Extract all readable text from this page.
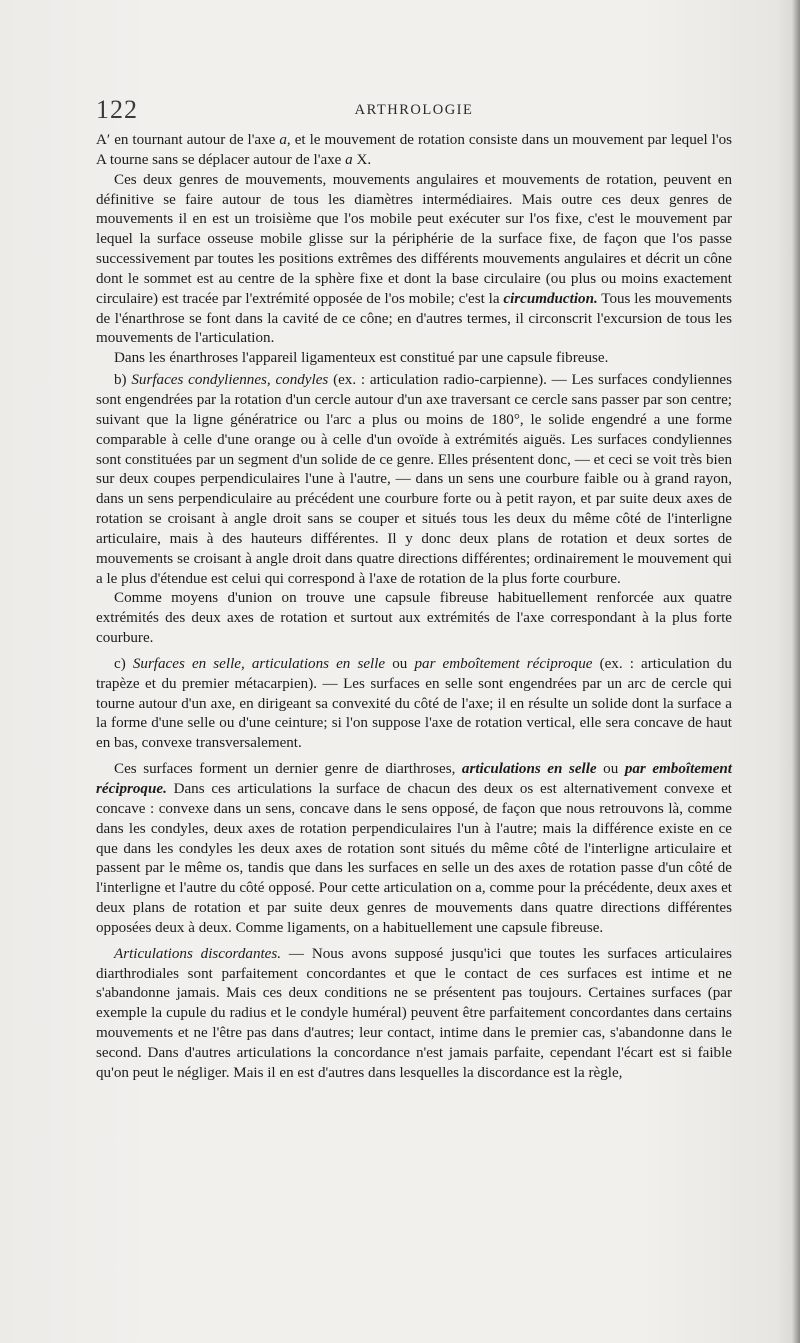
122	ARTHROLOGIE

A′ en tournant autour de l'axe a, et le mouvement de rotation consiste dans un mouvement par lequel l'os A tourne sans se déplacer autour de l'axe a X.

Ces deux genres de mouvements, mouvements angulaires et mouvements de rotation, peuvent en définitive se faire autour de tous les diamètres intermédiaires. Mais outre ces deux genres de mouvements il en est un troisième que l'os mobile peut exécuter sur l'os fixe, c'est le mouvement par lequel la surface osseuse mobile glisse sur la périphérie de la surface fixe, de façon que l'os passe successivement par toutes les positions extrêmes des différents mouvements angulaires et décrit un cône dont le sommet est au centre de la sphère fixe et dont la base circulaire (ou plus ou moins exactement circulaire) est tracée par l'extrémité opposée de l'os mobile; c'est la circumduction. Tous les mouvements de l'énarthrose se font dans la cavité de ce cône; en d'autres termes, il circonscrit l'excursion de tous les mouvements de l'articulation.

Dans les énarthroses l'appareil ligamenteux est constitué par une capsule fibreuse.

b) Surfaces condyliennes, condyles (ex. : articulation radio-carpienne). — Les surfaces condyliennes sont engendrées par la rotation d'un cercle autour d'un axe traversant ce cercle sans passer par son centre; suivant que la ligne génératrice ou l'arc a plus ou moins de 180°, le solide engendré a une forme comparable à celle d'une orange ou à celle d'un ovoïde à extrémités aiguës. Les surfaces condyliennes sont constituées par un segment d'un solide de ce genre. Elles présentent donc, — et ceci se voit très bien sur deux coupes perpendiculaires l'une à l'autre, — dans un sens une courbure faible ou à grand rayon, dans un sens perpendiculaire au précédent une courbure forte ou à petit rayon, et par suite deux axes de rotation se croisant à angle droit sans se couper et situés tous les deux du même côté de l'interligne articulaire, mais à des hauteurs différentes. Il y donc deux plans de rotation et deux sortes de mouvements se croisant à angle droit dans quatre directions différentes; ordinairement le mouvement qui a le plus d'étendue est celui qui correspond à l'axe de rotation de la plus forte courbure.

Comme moyens d'union on trouve une capsule fibreuse habituellement renforcée aux quatre extrémités des deux axes de rotation et surtout aux extrémités de l'axe correspondant à la plus forte courbure.

c) Surfaces en selle, articulations en selle ou par emboîtement réciproque (ex. : articulation du trapèze et du premier métacarpien). — Les surfaces en selle sont engendrées par un arc de cercle qui tourne autour d'un axe, en dirigeant sa convexité du côté de l'axe; il en résulte un solide dont la surface a la forme d'une selle ou d'une ceinture; si l'on suppose l'axe de rotation vertical, elle sera concave de haut en bas, convexe transversalement.

Ces surfaces forment un dernier genre de diarthroses, articulations en selle ou par emboîtement réciproque. Dans ces articulations la surface de chacun des deux os est alternativement convexe et concave : convexe dans un sens, concave dans le sens opposé, de façon que nous retrouvons là, comme dans les condyles, deux axes de rotation perpendiculaires l'un à l'autre; mais la différence existe en ce que dans les condyles les deux axes de rotation sont situés du même côté de l'interligne articulaire et passent par le même os, tandis que dans les surfaces en selle un des axes de rotation passe d'un côté de l'interligne et l'autre du côté opposé. Pour cette articulation on a, comme pour la précédente, deux axes et deux plans de rotation et par suite deux genres de mouvements dans quatre directions différentes opposées deux à deux. Comme ligaments, on a habituellement une capsule fibreuse.

Articulations discordantes. — Nous avons supposé jusqu'ici que toutes les surfaces articulaires diarthrodiales sont parfaitement concordantes et que le contact de ces surfaces est intime et ne s'abandonne jamais. Mais ces deux conditions ne se présentent pas toujours. Certaines surfaces (par exemple la cupule du radius et le condyle huméral) peuvent être parfaitement concordantes dans certains mouvements et ne l'être pas dans d'autres; leur contact, intime dans le premier cas, s'abandonne dans le second. Dans d'autres articulations la concordance n'est jamais parfaite, cependant l'écart est si faible qu'on peut le négliger. Mais il en est d'autres dans lesquelles la discordance est la règle,
